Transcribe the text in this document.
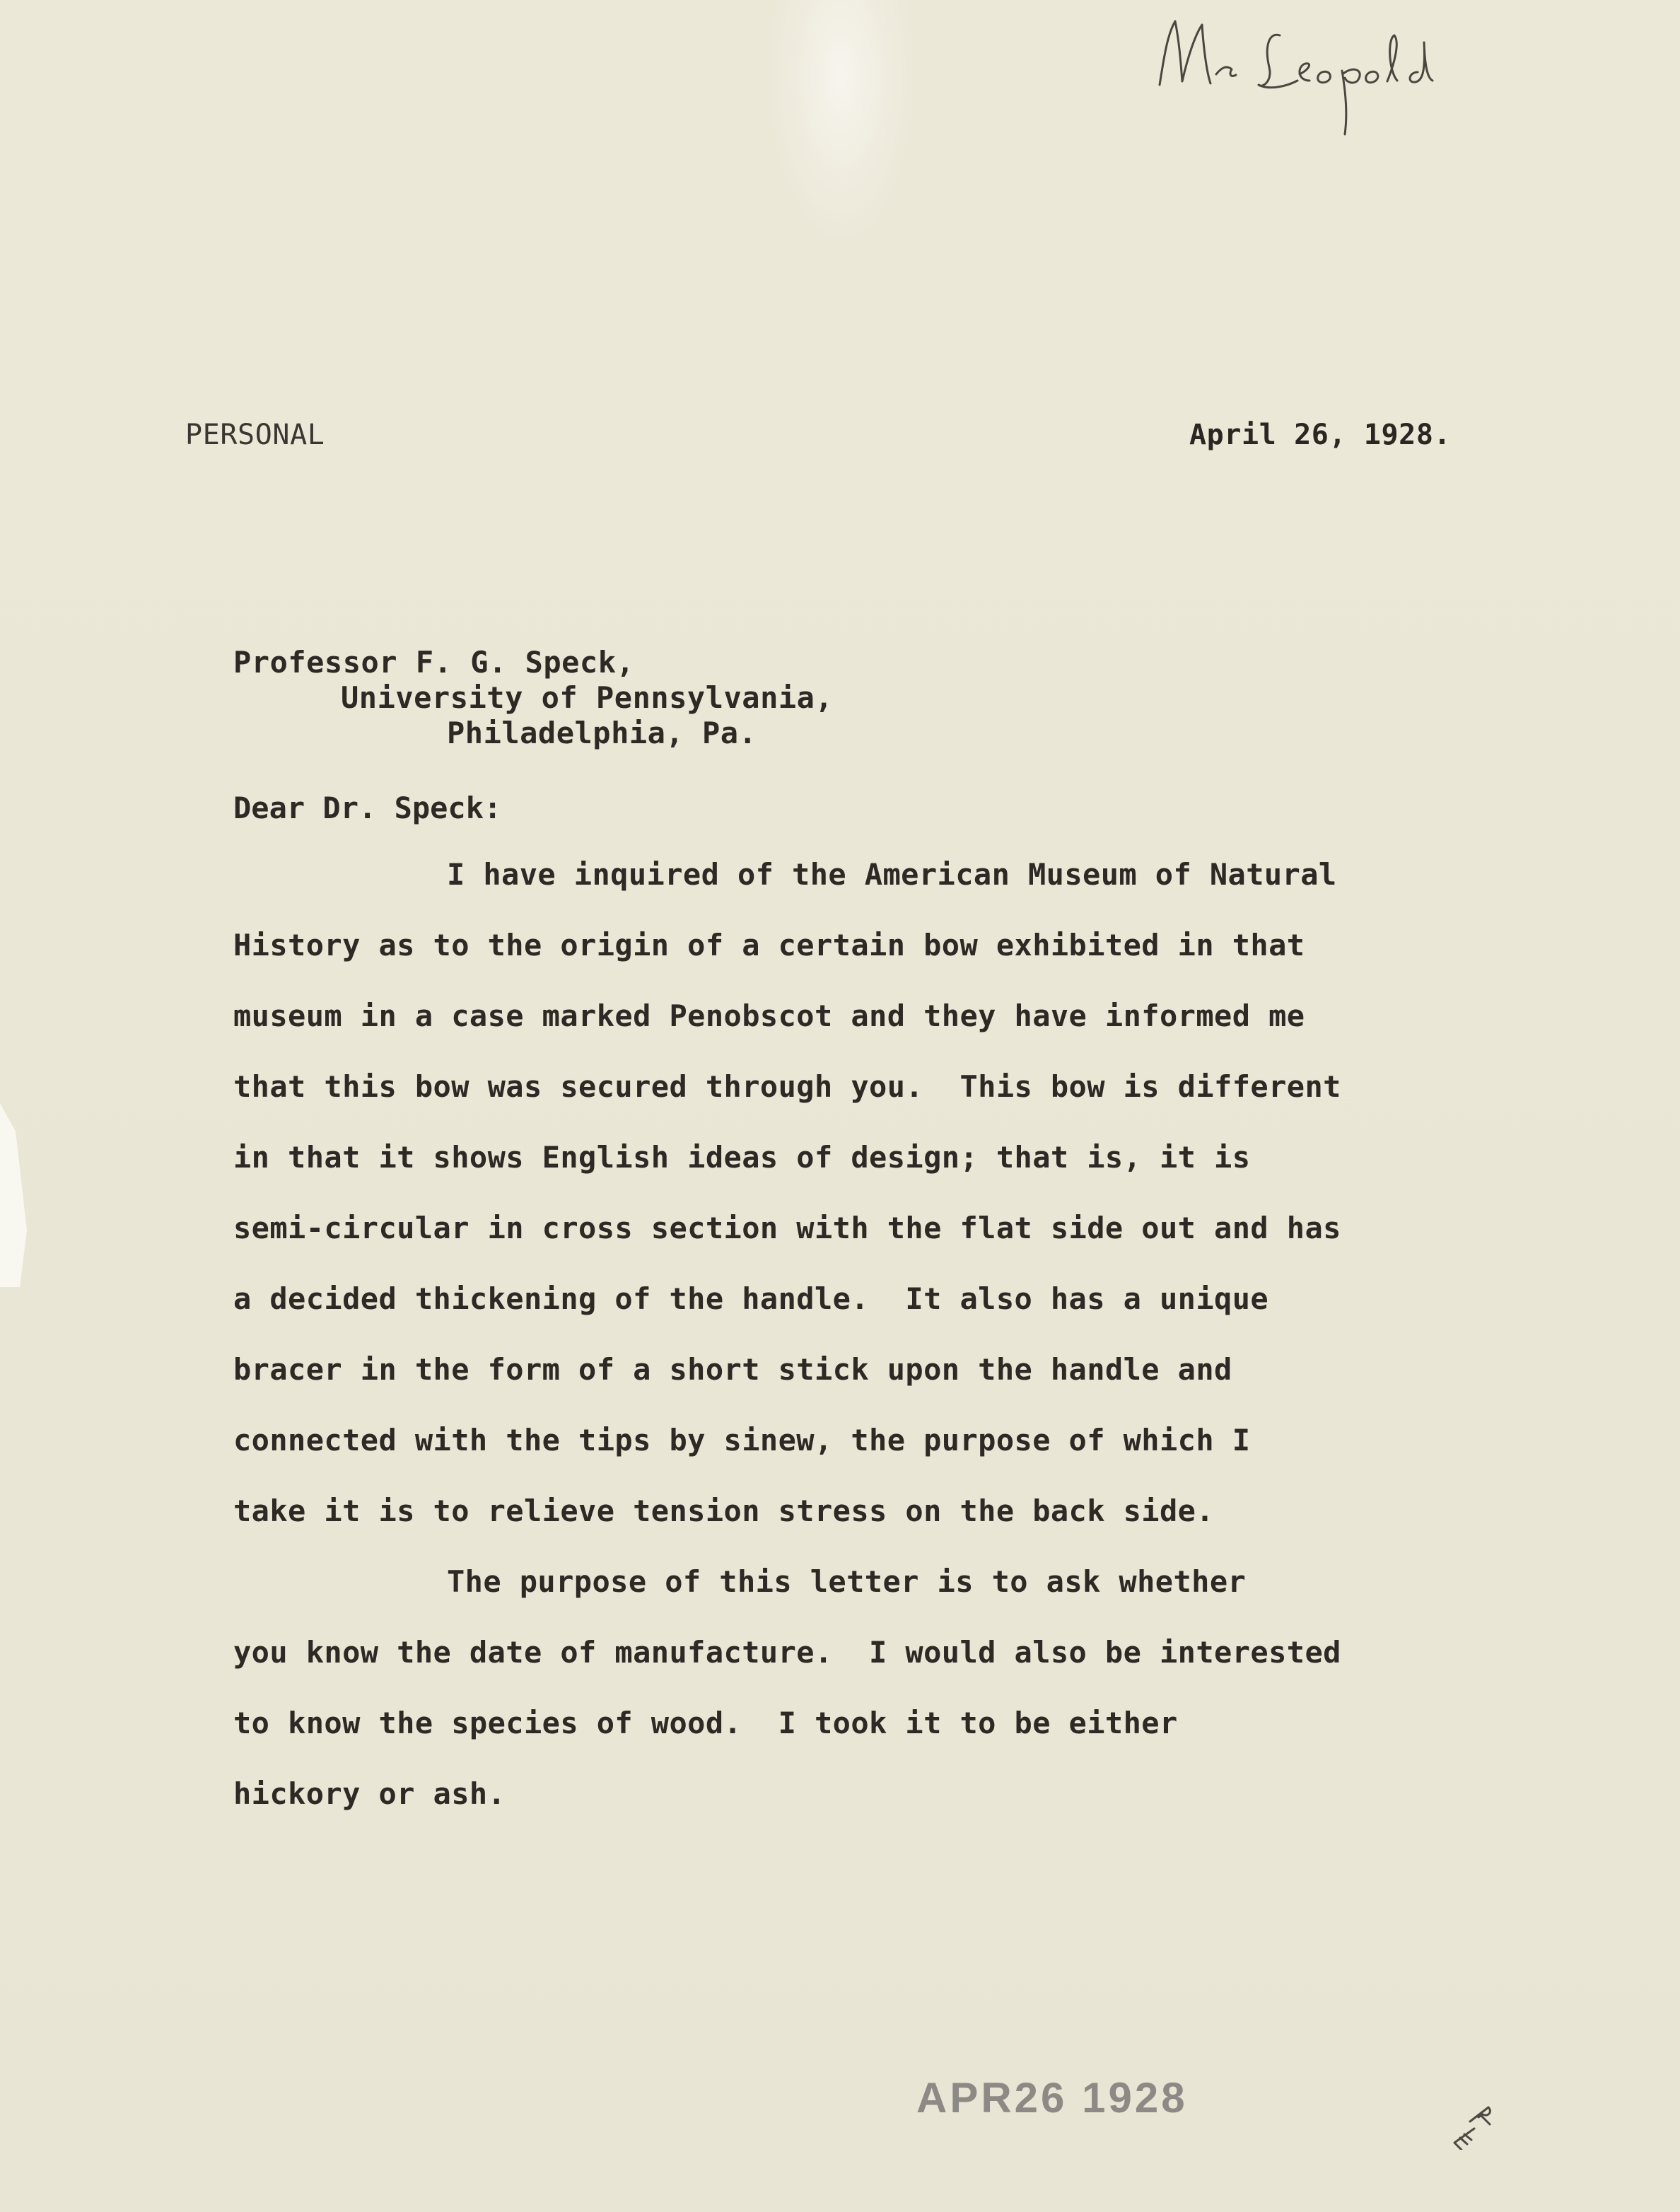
PERSONAL	April 26, 1928.
Professor F. G. Speck,
University of Pennsylvania,
Philadelphia, Pa.
Dear Dr. Speck:
I have inquired of the American Museum of Natural
History as to the origin of a certain bow exhibited in that
museum in a case marked Penobscot and they have informed me
that this bow was secured through you.  This bow is different
in that it shows English ideas of design; that is, it is
semi-circular in cross section with the flat side out and has
a decided thickening of the handle.  It also has a unique
bracer in the form of a short stick upon the handle and
connected with the tips by sinew, the purpose of which I
take it is to relieve tension stress on the back side.
The purpose of this letter is to ask whether
you know the date of manufacture.  I would also be interested
to know the species of wood.  I took it to be either
hickory or ash.
APR26 1928
